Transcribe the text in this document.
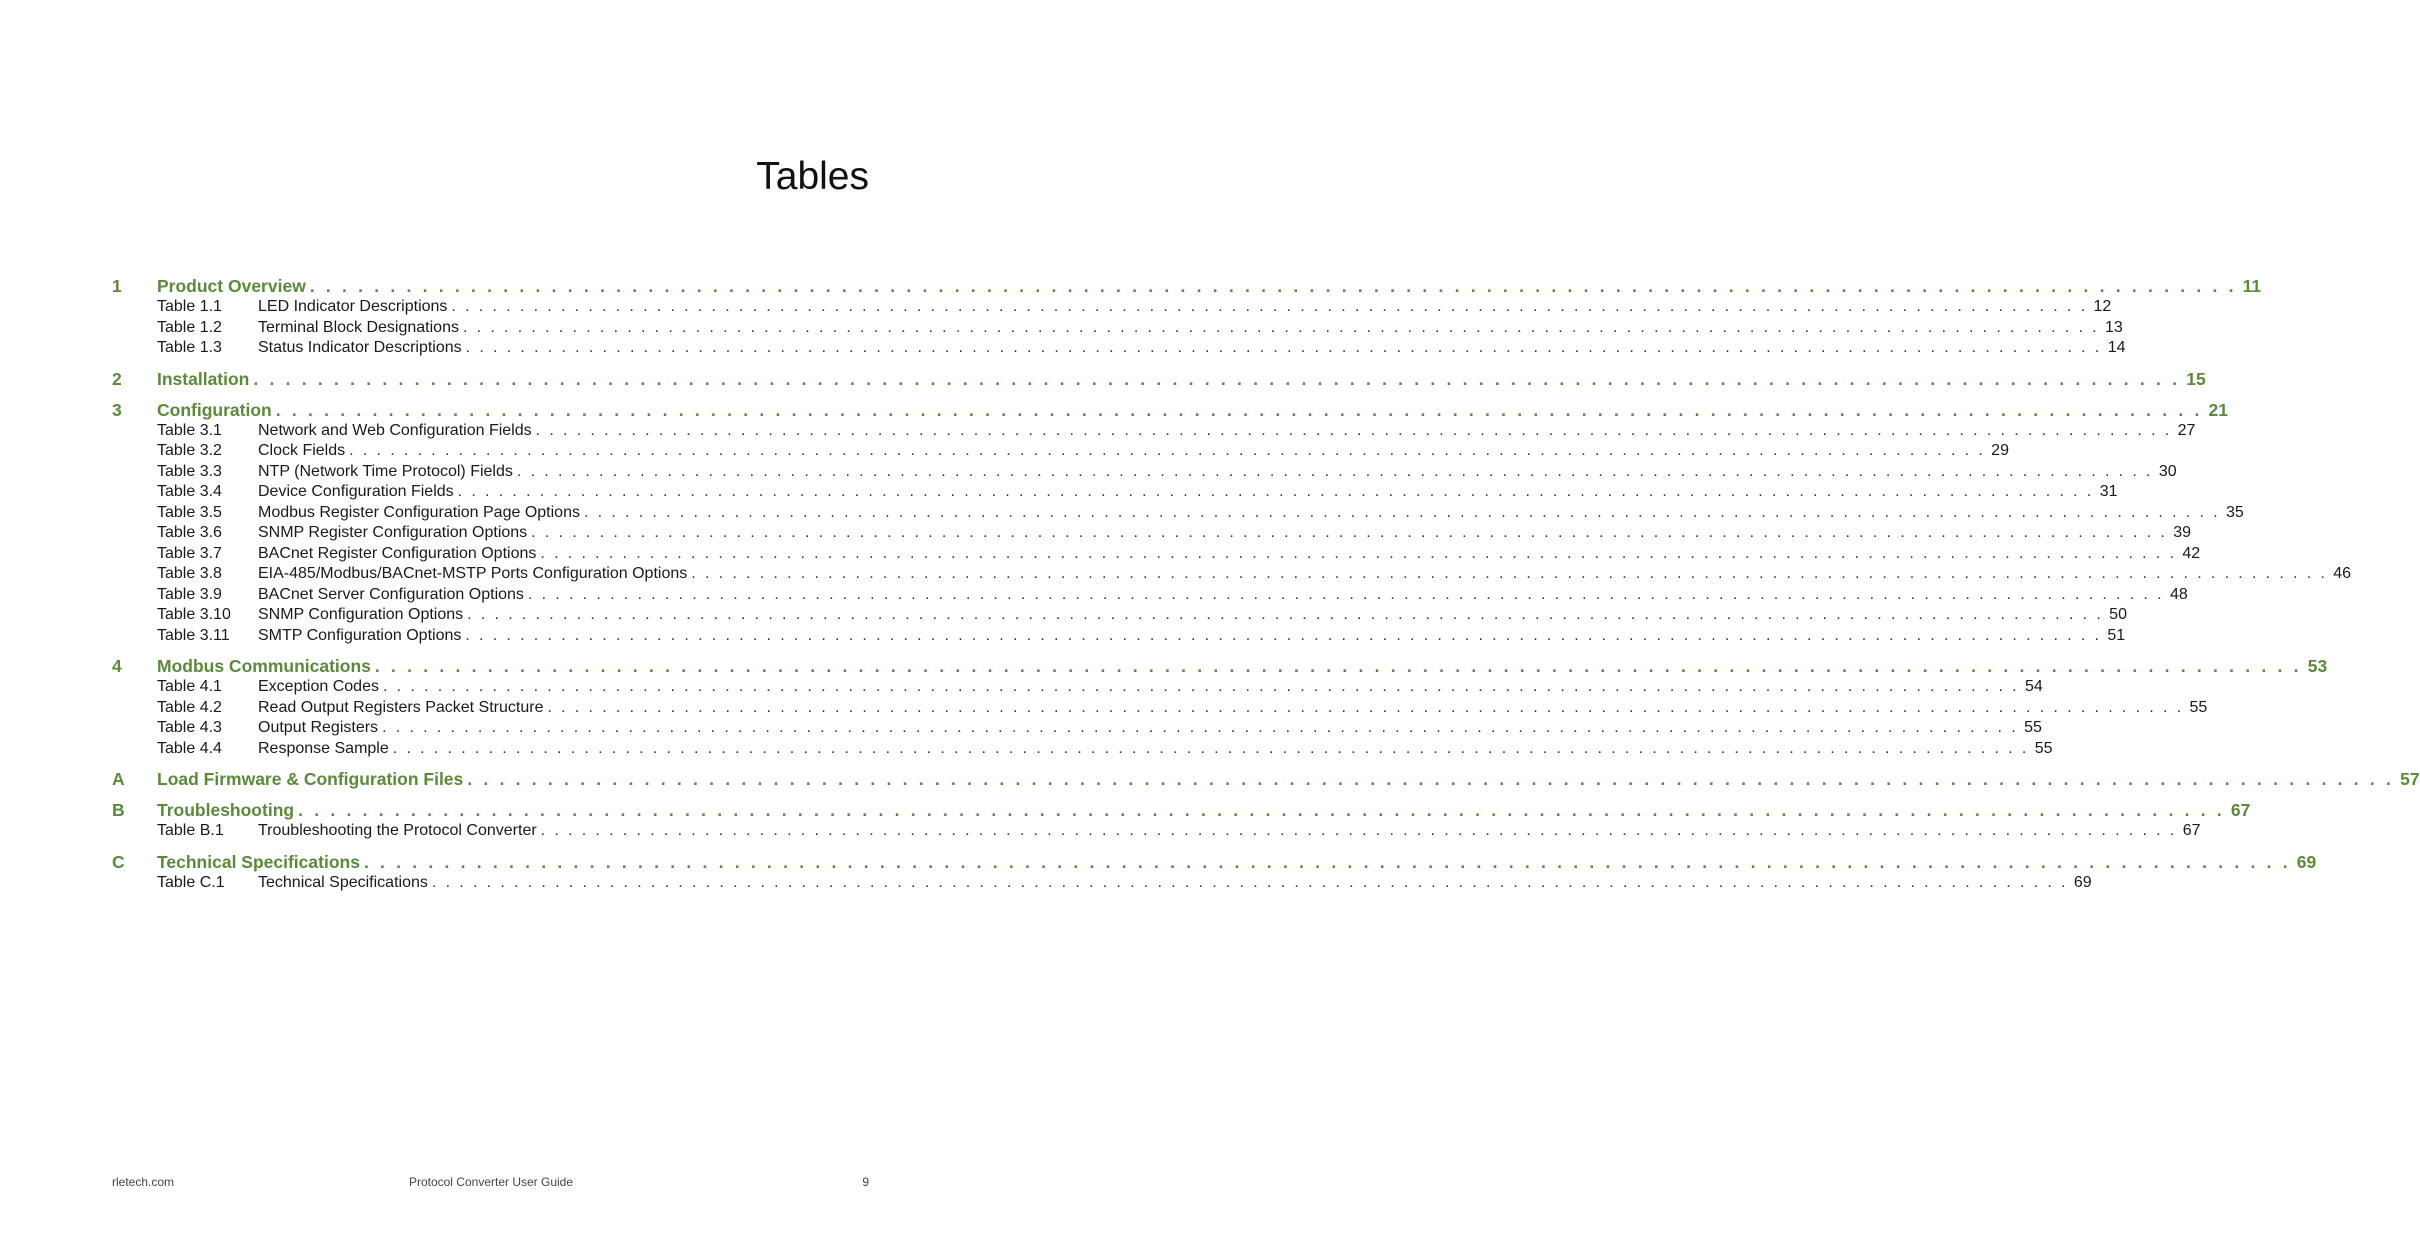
Tables
1 Product Overview . . . . . . . . . . . . . . . . . . . . . . . . . . . . . . . . . . . . . . . . . . . . . . . . . . . . . . . . . . . . . . . . . . . . . . . . . . . . . . . . . . . . . . . . . . . . . . . . . . . . . . . . . . . . . . . . . . . . . . . . 11
Table 1.1 LED Indicator Descriptions . . . . . . . . . . . . . . . . . . . . . . . . . . . . . . . . . . . . . . . . . . . . . . . . . . . . . . . . . . . . . . . . . . . . . . . . . . . . . . . . . . . . . . . . . . . . . . . . . . . . . . . . . . . . . . . . . . . . . . . . 12
Table 1.2 Terminal Block Designations . . . . . . . . . . . . . . . . . . . . . . . . . . . . . . . . . . . . . . . . . . . . . . . . . . . . . . . . . . . . . . . . . . . . . . . . . . . . . . . . . . . . . . . . . . . . . . . . . . . . . . . . . . . . . . . . . . . . . . . . 13
Table 1.3 Status Indicator Descriptions . . . . . . . . . . . . . . . . . . . . . . . . . . . . . . . . . . . . . . . . . . . . . . . . . . . . . . . . . . . . . . . . . . . . . . . . . . . . . . . . . . . . . . . . . . . . . . . . . . . . . . . . . . . . . . . . . . . . . . . . 14
2 Installation . . . . . . . . . . . . . . . . . . . . . . . . . . . . . . . . . . . . . . . . . . . . . . . . . . . . . . . . . . . . . . . . . . . . . . . . . . . . . . . . . . . . . . . . . . . . . . . . . . . . . . . . . . . . . . . . . . . . . . . . 15
3 Configuration . . . . . . . . . . . . . . . . . . . . . . . . . . . . . . . . . . . . . . . . . . . . . . . . . . . . . . . . . . . . . . . . . . . . . . . . . . . . . . . . . . . . . . . . . . . . . . . . . . . . . . . . . . . . . . . . . . . . . . . . 21
Table 3.1 Network and Web Configuration Fields . . . . . . . . . . . . . . . . . . . . . . . . . . . . . . . . . . . . . . . . . . . . . . . . . . . . . . . . . . . . . . . . . . . . . . . . . . . . . . . . . . . . . . . . . . . . . . . . . . . . . . . . . . . . . . . . . . . . . . . . 27
Table 3.2 Clock Fields . . . . . . . . . . . . . . . . . . . . . . . . . . . . . . . . . . . . . . . . . . . . . . . . . . . . . . . . . . . . . . . . . . . . . . . . . . . . . . . . . . . . . . . . . . . . . . . . . . . . . . . . . . . . . . . . . . . . . . . . 29
Table 3.3 NTP (Network Time Protocol) Fields . . . . . . . . . . . . . . . . . . . . . . . . . . . . . . . . . . . . . . . . . . . . . . . . . . . . . . . . . . . . . . . . . . . . . . . . . . . . . . . . . . . . . . . . . . . . . . . . . . . . . . . . . . . . . . . . . . . . . . . . 30
Table 3.4 Device Configuration Fields . . . . . . . . . . . . . . . . . . . . . . . . . . . . . . . . . . . . . . . . . . . . . . . . . . . . . . . . . . . . . . . . . . . . . . . . . . . . . . . . . . . . . . . . . . . . . . . . . . . . . . . . . . . . . . . . . . . . . . . . 31
Table 3.5 Modbus Register Configuration Page Options . . . . . . . . . . . . . . . . . . . . . . . . . . . . . . . . . . . . . . . . . . . . . . . . . . . . . . . . . . . . . . . . . . . . . . . . . . . . . . . . . . . . . . . . . . . . . . . . . . . . . . . . . . . . . . . . . . . . . . . . 35
Table 3.6 SNMP Register Configuration Options . . . . . . . . . . . . . . . . . . . . . . . . . . . . . . . . . . . . . . . . . . . . . . . . . . . . . . . . . . . . . . . . . . . . . . . . . . . . . . . . . . . . . . . . . . . . . . . . . . . . . . . . . . . . . . . . . . . . . . . . 39
Table 3.7 BACnet Register Configuration Options . . . . . . . . . . . . . . . . . . . . . . . . . . . . . . . . . . . . . . . . . . . . . . . . . . . . . . . . . . . . . . . . . . . . . . . . . . . . . . . . . . . . . . . . . . . . . . . . . . . . . . . . . . . . . . . . . . . . . . . . 42
Table 3.8 EIA-485/Modbus/BACnet-MSTP Ports Configuration Options . . . . . . . . . . . . . . . . . . . . . . . . . . . . . . . . . . . . . . . . . . . . . . . . . . . . . . . . . . . . . . . . . . . . . . . . . . . . . . . . . . . . . . . . . . . . . . . . . . . . . . . . . . . . . . . . . . . . . . . . 46
Table 3.9 BACnet Server Configuration Options . . . . . . . . . . . . . . . . . . . . . . . . . . . . . . . . . . . . . . . . . . . . . . . . . . . . . . . . . . . . . . . . . . . . . . . . . . . . . . . . . . . . . . . . . . . . . . . . . . . . . . . . . . . . . . . . . . . . . . . . 48
Table 3.10 SNMP Configuration Options . . . . . . . . . . . . . . . . . . . . . . . . . . . . . . . . . . . . . . . . . . . . . . . . . . . . . . . . . . . . . . . . . . . . . . . . . . . . . . . . . . . . . . . . . . . . . . . . . . . . . . . . . . . . . . . . . . . . . . . . 50
Table 3.11 SMTP Configuration Options . . . . . . . . . . . . . . . . . . . . . . . . . . . . . . . . . . . . . . . . . . . . . . . . . . . . . . . . . . . . . . . . . . . . . . . . . . . . . . . . . . . . . . . . . . . . . . . . . . . . . . . . . . . . . . . . . . . . . . . . 51
4 Modbus Communications . . . . . . . . . . . . . . . . . . . . . . . . . . . . . . . . . . . . . . . . . . . . . . . . . . . . . . . . . . . . . . . . . . . . . . . . . . . . . . . . . . . . . . . . . . . . . . . . . . . . . . . . . . . . . . . . . . . . . . . . 53
Table 4.1 Exception Codes . . . . . . . . . . . . . . . . . . . . . . . . . . . . . . . . . . . . . . . . . . . . . . . . . . . . . . . . . . . . . . . . . . . . . . . . . . . . . . . . . . . . . . . . . . . . . . . . . . . . . . . . . . . . . . . . . . . . . . . . 54
Table 4.2 Read Output Registers Packet Structure . . . . . . . . . . . . . . . . . . . . . . . . . . . . . . . . . . . . . . . . . . . . . . . . . . . . . . . . . . . . . . . . . . . . . . . . . . . . . . . . . . . . . . . . . . . . . . . . . . . . . . . . . . . . . . . . . . . . . . . . 55
Table 4.3 Output Registers . . . . . . . . . . . . . . . . . . . . . . . . . . . . . . . . . . . . . . . . . . . . . . . . . . . . . . . . . . . . . . . . . . . . . . . . . . . . . . . . . . . . . . . . . . . . . . . . . . . . . . . . . . . . . . . . . . . . . . . . 55
Table 4.4 Response Sample . . . . . . . . . . . . . . . . . . . . . . . . . . . . . . . . . . . . . . . . . . . . . . . . . . . . . . . . . . . . . . . . . . . . . . . . . . . . . . . . . . . . . . . . . . . . . . . . . . . . . . . . . . . . . . . . . . . . . . . . 55
A Load Firmware & Configuration Files . . . . . . . . . . . . . . . . . . . . . . . . . . . . . . . . . . . . . . . . . . . . . . . . . . . . . . . . . . . . . . . . . . . . . . . . . . . . . . . . . . . . . . . . . . . . . . . . . . . . . . . . . . . . . . . . . . . . . . . . 57
B Troubleshooting . . . . . . . . . . . . . . . . . . . . . . . . . . . . . . . . . . . . . . . . . . . . . . . . . . . . . . . . . . . . . . . . . . . . . . . . . . . . . . . . . . . . . . . . . . . . . . . . . . . . . . . . . . . . . . . . . . . . . . . . 67
Table B.1 Troubleshooting the Protocol Converter . . . . . . . . . . . . . . . . . . . . . . . . . . . . . . . . . . . . . . . . . . . . . . . . . . . . . . . . . . . . . . . . . . . . . . . . . . . . . . . . . . . . . . . . . . . . . . . . . . . . . . . . . . . . . . . . . . . . . . . . 67
C Technical Specifications . . . . . . . . . . . . . . . . . . . . . . . . . . . . . . . . . . . . . . . . . . . . . . . . . . . . . . . . . . . . . . . . . . . . . . . . . . . . . . . . . . . . . . . . . . . . . . . . . . . . . . . . . . . . . . . . . . . . . . . . 69
Table C.1 Technical Specifications . . . . . . . . . . . . . . . . . . . . . . . . . . . . . . . . . . . . . . . . . . . . . . . . . . . . . . . . . . . . . . . . . . . . . . . . . . . . . . . . . . . . . . . . . . . . . . . . . . . . . . . . . . . . . . . . . . . . . . . . 69
rletech.com	Protocol Converter User Guide	9
